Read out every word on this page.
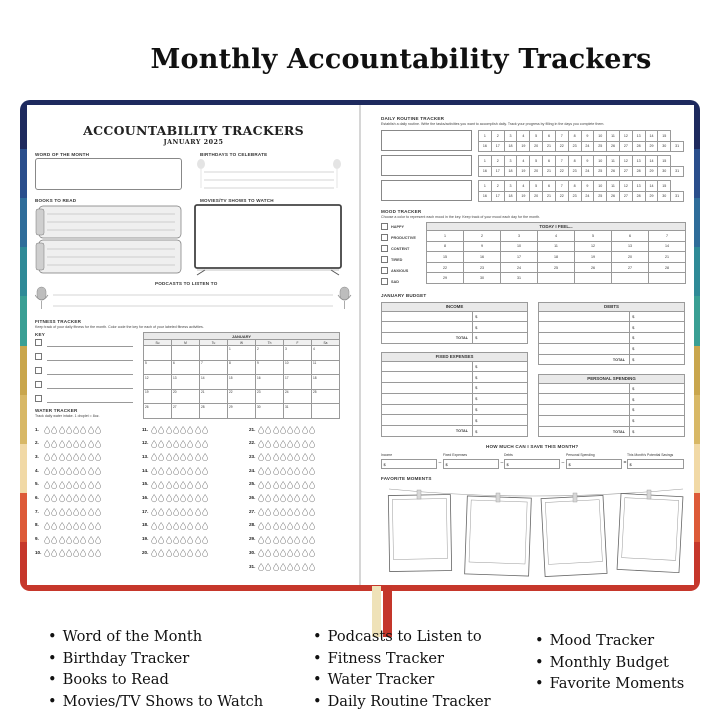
Monthly Accountability Trackers
ACCOUNTABILITY TRACKERS
JANUARY 2025
WORD OF THE MONTH	BIRTHDAYS TO CELEBRATE
BOOKS TO READ	MOVIES/TV SHOWS TO WATCH
PODCASTS TO LISTEN TO
FITNESS TRACKER
Keep track of your daily fitness for the month. Color code the key for each of your labeled fitness activities.
KEY	JANUARY						
Su	M	Tu	W	Th	F	Sa
			1	2	3	4
5	6	7	8	9	10	11
12	13	14	15	16	17	18
19	20	21	22	23	24	25
26	27	28	29	30	31	
WATER TRACKER
Track daily water intake. 1 droplet = 8oz.
1.
2.
3.
4.
5.
6.
7.
8.
9.
10.
11.
12.
13.
14.
15.
16.
17.
18.
19.
20.
21.
22.
23.
24.
25.
26.
27.
28.
29.
30.
31.
DAILY ROUTINE TRACKER
Establish a daily routine. Write the tasks/activities you want to accomplish daily. Track your progress by filling in the days you complete them.
1	2	3	4	5	6	7	8	9	10	11	12	13	14	15	
16	17	18	19	20	21	22	23	24	25	26	27	28	29	30	31
1	2	3	4	5	6	7	8	9	10	11	12	13	14	15	
16	17	18	19	20	21	22	23	24	25	26	27	28	29	30	31
1	2	3	4	5	6	7	8	9	10	11	12	13	14	15	
16	17	18	19	20	21	22	23	24	25	26	27	28	29	30	31
MOOD TRACKER
Choose a color to represent each mood in the key. Keep track of your mood each day for the month.
HAPPY
PRODUCTIVE
CONTENT
TIRED
ANXIOUS
SAD
TODAY I FEEL...						
1	2	3	4	5	6	7
8	9	10	11	12	13	14
15	16	17	18	19	20	21
22	23	24	25	26	27	28
29	30	31				
JANUARY BUDGET
INCOME	
	$
	$
TOTAL	$
DEBTS	
	$
	$
	$
	$
TOTAL	$
FIXED EXPENSES	
	$
	$
	$
	$
	$
	$
TOTAL	$
PERSONAL SPENDING	
	$
	$
	$
	$
TOTAL	$
HOW MUCH CAN I SAVE THIS MONTH?
Income
$
Fixed Expenses
$
Debts
$
Personal Spending
$
This Month's Potential Savings
$
–	–	–	=
FAVORITE MOMENTS
• Word of the Month
• Birthday Tracker
• Books to Read
• Movies/TV Shows to Watch
• Podcasts to Listen to
• Fitness Tracker
• Water Tracker
• Daily Routine Tracker
• Mood Tracker
• Monthly Budget
• Favorite Moments
